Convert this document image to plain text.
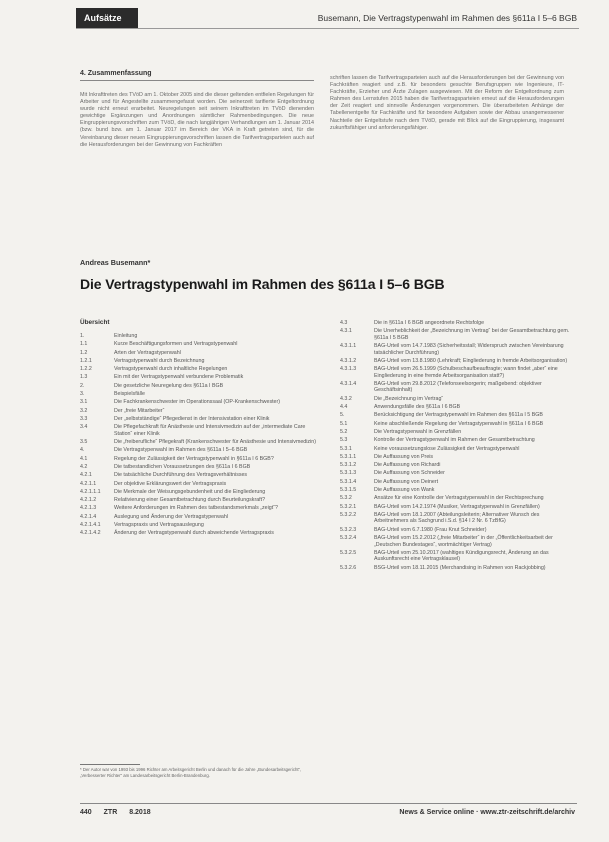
Aufsätze	Busemann, Die Vertragstypenwahl im Rahmen des §611a I 5–6 BGB
4. Zusammenfassung

Mit Inkrafttreten des TVöD am 1. Oktober 2005 sind die dieser geltenden entfielen Regelungen für Arbeiter und für Angestellte zusammengefasst worden. Die seinerzeit tarifierte Entgeltordnung wurde nicht erneut erarbeitet. Neuregelungen seit seinem Inkrafttreten im TVöD dienenden gewichtige Ergänzungen und Anordnungen sämtlicher Rahmenbedingungen. Die neue Eingruppierungsvorschriften zum TVöD, die nach langjährigen Verhandlungen am 1. Januar 2014 (bzw. bund bzw. am 1. Januar 2017 im Bereich der VKA in Kraft getreten sind, für die Vereinbarung dieser neuen Eingruppierungsvorschriften lassen die Tarifvertragsparteien auch auf die Herausforderungen bei der Gewinnung von Fachkräften

schriften lassen die Tarifvertragsparteien auch auf die Herausforderungen bei der Gewinnung von Fachkräften reagiert und z.B. für besonders gesuchte Berufsgruppen wie Ingenieure, IT-Fachkräfte, Erzieher und Ärzte Zulagen ausgewiesen. Mit der Reform der Entgeltordnung zum Rahmen des Lernstufen 2015 haben die Tarifvertragsparteien erneut auf die Herausforderungen der Zeit reagiert und sinnvolle Änderungen vorgenommen. Die überarbeiteten Anhänge der Tabellenentgelte für Fachkräfte und für besondere Aufgaben sowie der Abbau unangemessener Nachteile der Entgeltstufe nach dem TVöD, gerade mit Blick auf die Eingruppierung, insgesamt zukunftsfähiger und anforderungsfähiger.

Andreas Busemann*
Die Vertragstypenwahl im Rahmen des §611a I 5–6 BGB
Übersicht
1.	Einleitung
1.1	Kurze Beschäftigungsformen und Vertragstypenwahl
1.2	Arten der Vertragstypenwahl
1.2.1	Vertragstypenwahl durch Bezeichnung
1.2.2	Vertragstypenwahl durch inhaltliche Regelungen
1.3	Ein mit der Vertragstypenwahl verbundene Problematik
2.	Die gesetzliche Neuregelung des §611a I BGB
3.	Beispielsfälle
3.1	Die Fachkrankenschwester im Operationssaal (OP-Krankenschwester)
3.2	Der „freie Mitarbeiter“
3.3	Der „selbstständige“ Pflegedienst in der Intensivstation einer Klinik
3.4	Die Pflegefachkraft für Anästhesie und Intensivmedizin auf der „intermediate Care Station“ einer Klinik
3.5	Die „freiberufliche“ Pflegekraft (Krankenschwester für Anästhesie und Intensivmedizin)
4.	Die Vertragstypenwahl im Rahmen des §611a I 5–6 BGB
4.1	Regelung der Zulässigkeit der Vertragstypenwahl in §611a I 6 BGB?
4.2	Die tatbestandlichen Voraussetzungen des §611a I 6 BGB
4.2.1	Die tatsächliche Durchführung des Vertragsverhältnisses
4.2.1.1	Der objektive Erklärungswert der Vertragspraxis
4.2.1.1.1	Die Merkmale der Weisungsgebundenheit und die Eingliederung
4.2.1.2	Relativierung einer Gesamtbetrachtung durch Beurteilungskraft?
4.2.1.3	Weitere Anforderungen im Rahmen des tatbestandsmerkmals „zeigt“?
4.2.1.4	Auslegung und Änderung der Vertragstypenwahl
4.2.1.4.1	Vertragspraxis und Vertragsauslegung
4.2.1.4.2	Änderung der Vertragstypenwahl durch abweichende Vertragspraxis
4.3	Die in §611a I 6 BGB angeordnete Rechtsfolge
4.3.1	Die Unerheblichkeit der „Bezeichnung im Vertrag“ bei der Gesamtbetrachtung gem. §611a I 5 BGB
4.3.1.1	BAG-Urteil vom 14.7.1983 (Sicherheitsstall; Widerspruch zwischen Vereinbarung tatsächlicher Durchführung)
4.3.1.2	BAG-Urteil vom 13.8.1980 (Lehrkraft; Eingliederung in fremde Arbeitsorganisation)
4.3.1.3	BAG-Urteil vom 26.5.1999 (Schulbeschaufbeauftragte; wann findet „aber“ eine Eingliederung in eine fremde Arbeitsorganisation statt?)
4.3.1.4	BAG-Urteil vom 29.8.2012 (Telefonseelsorgerin; maßgebend: objektiver Geschäftsinhalt)
4.3.2	Die „Bezeichnung im Vertrag“
4.4	Anwendungsfälle des §611a I 6 BGB
5.	Berücksichtigung der Vertragstypenwahl im Rahmen des §611a I 5 BGB
5.1	Keine abschließende Regelung der Vertragstypenwahl in §611a I 6 BGB
5.2	Die Vertragstypenwahl in Grenzfällen
5.3	Kontrolle der Vertragstypenwahl im Rahmen der Gesamtbetrachtung
5.3.1	Keine voraussetzungslose Zulässigkeit der Vertragstypenwahl
5.3.1.1	Die Auffassung von Preis
5.3.1.2	Die Auffassung von Richardi
5.3.1.3	Die Auffassung von Schneider
5.3.1.4	Die Auffassung von Deinert
5.3.1.5	Die Auffassung von Wank
5.3.2	Ansätze für eine Kontrolle der Vertragstypenwahl in der Rechtsprechung
5.3.2.1	BAG-Urteil vom 14.2.1974 (Musiker, Vertragstypenwahl in Grenzfällen)
5.3.2.2	BAG-Urteil vom 18.1.2007 (Abteilungsleiterin; Alternativer Wunsch des Arbeitnehmers als Sachgrund i.S.d. §14 I 2 Nr. 6 TzBfG)
5.3.2.3	BAG-Urteil vom 6.7.1980 (Frau Knut Schneider)
5.3.2.4	BAG-Urteil vom 15.2.2012 („freie Mitarbeiter“ in der „Öffentlichkeitsarbeit der „Deutschen Bundestages“, wortmächtiger Vertrag)
5.3.2.5	BAG-Urteil vom 25.10.2017 (wahltiges Kündigungsrecht, Änderung an das Auskunftsrecht eine Vertragsklausel)
5.3.2.6	BSG-Urteil vom 18.11.2015 (Merchandising in Rahmen von Rackjobbing)
* Der Autor war von 1993 bis 1996 Richter am Arbeitsgericht Berlin und danach für die Jahre „Bundesarbeitsgericht“, „Verbesserter Richter“ am Landesarbeitsgericht Berlin-Brandenburg.
440 ZTR 8.2018	News & Service online · www.ztr-zeitschrift.de/archiv
